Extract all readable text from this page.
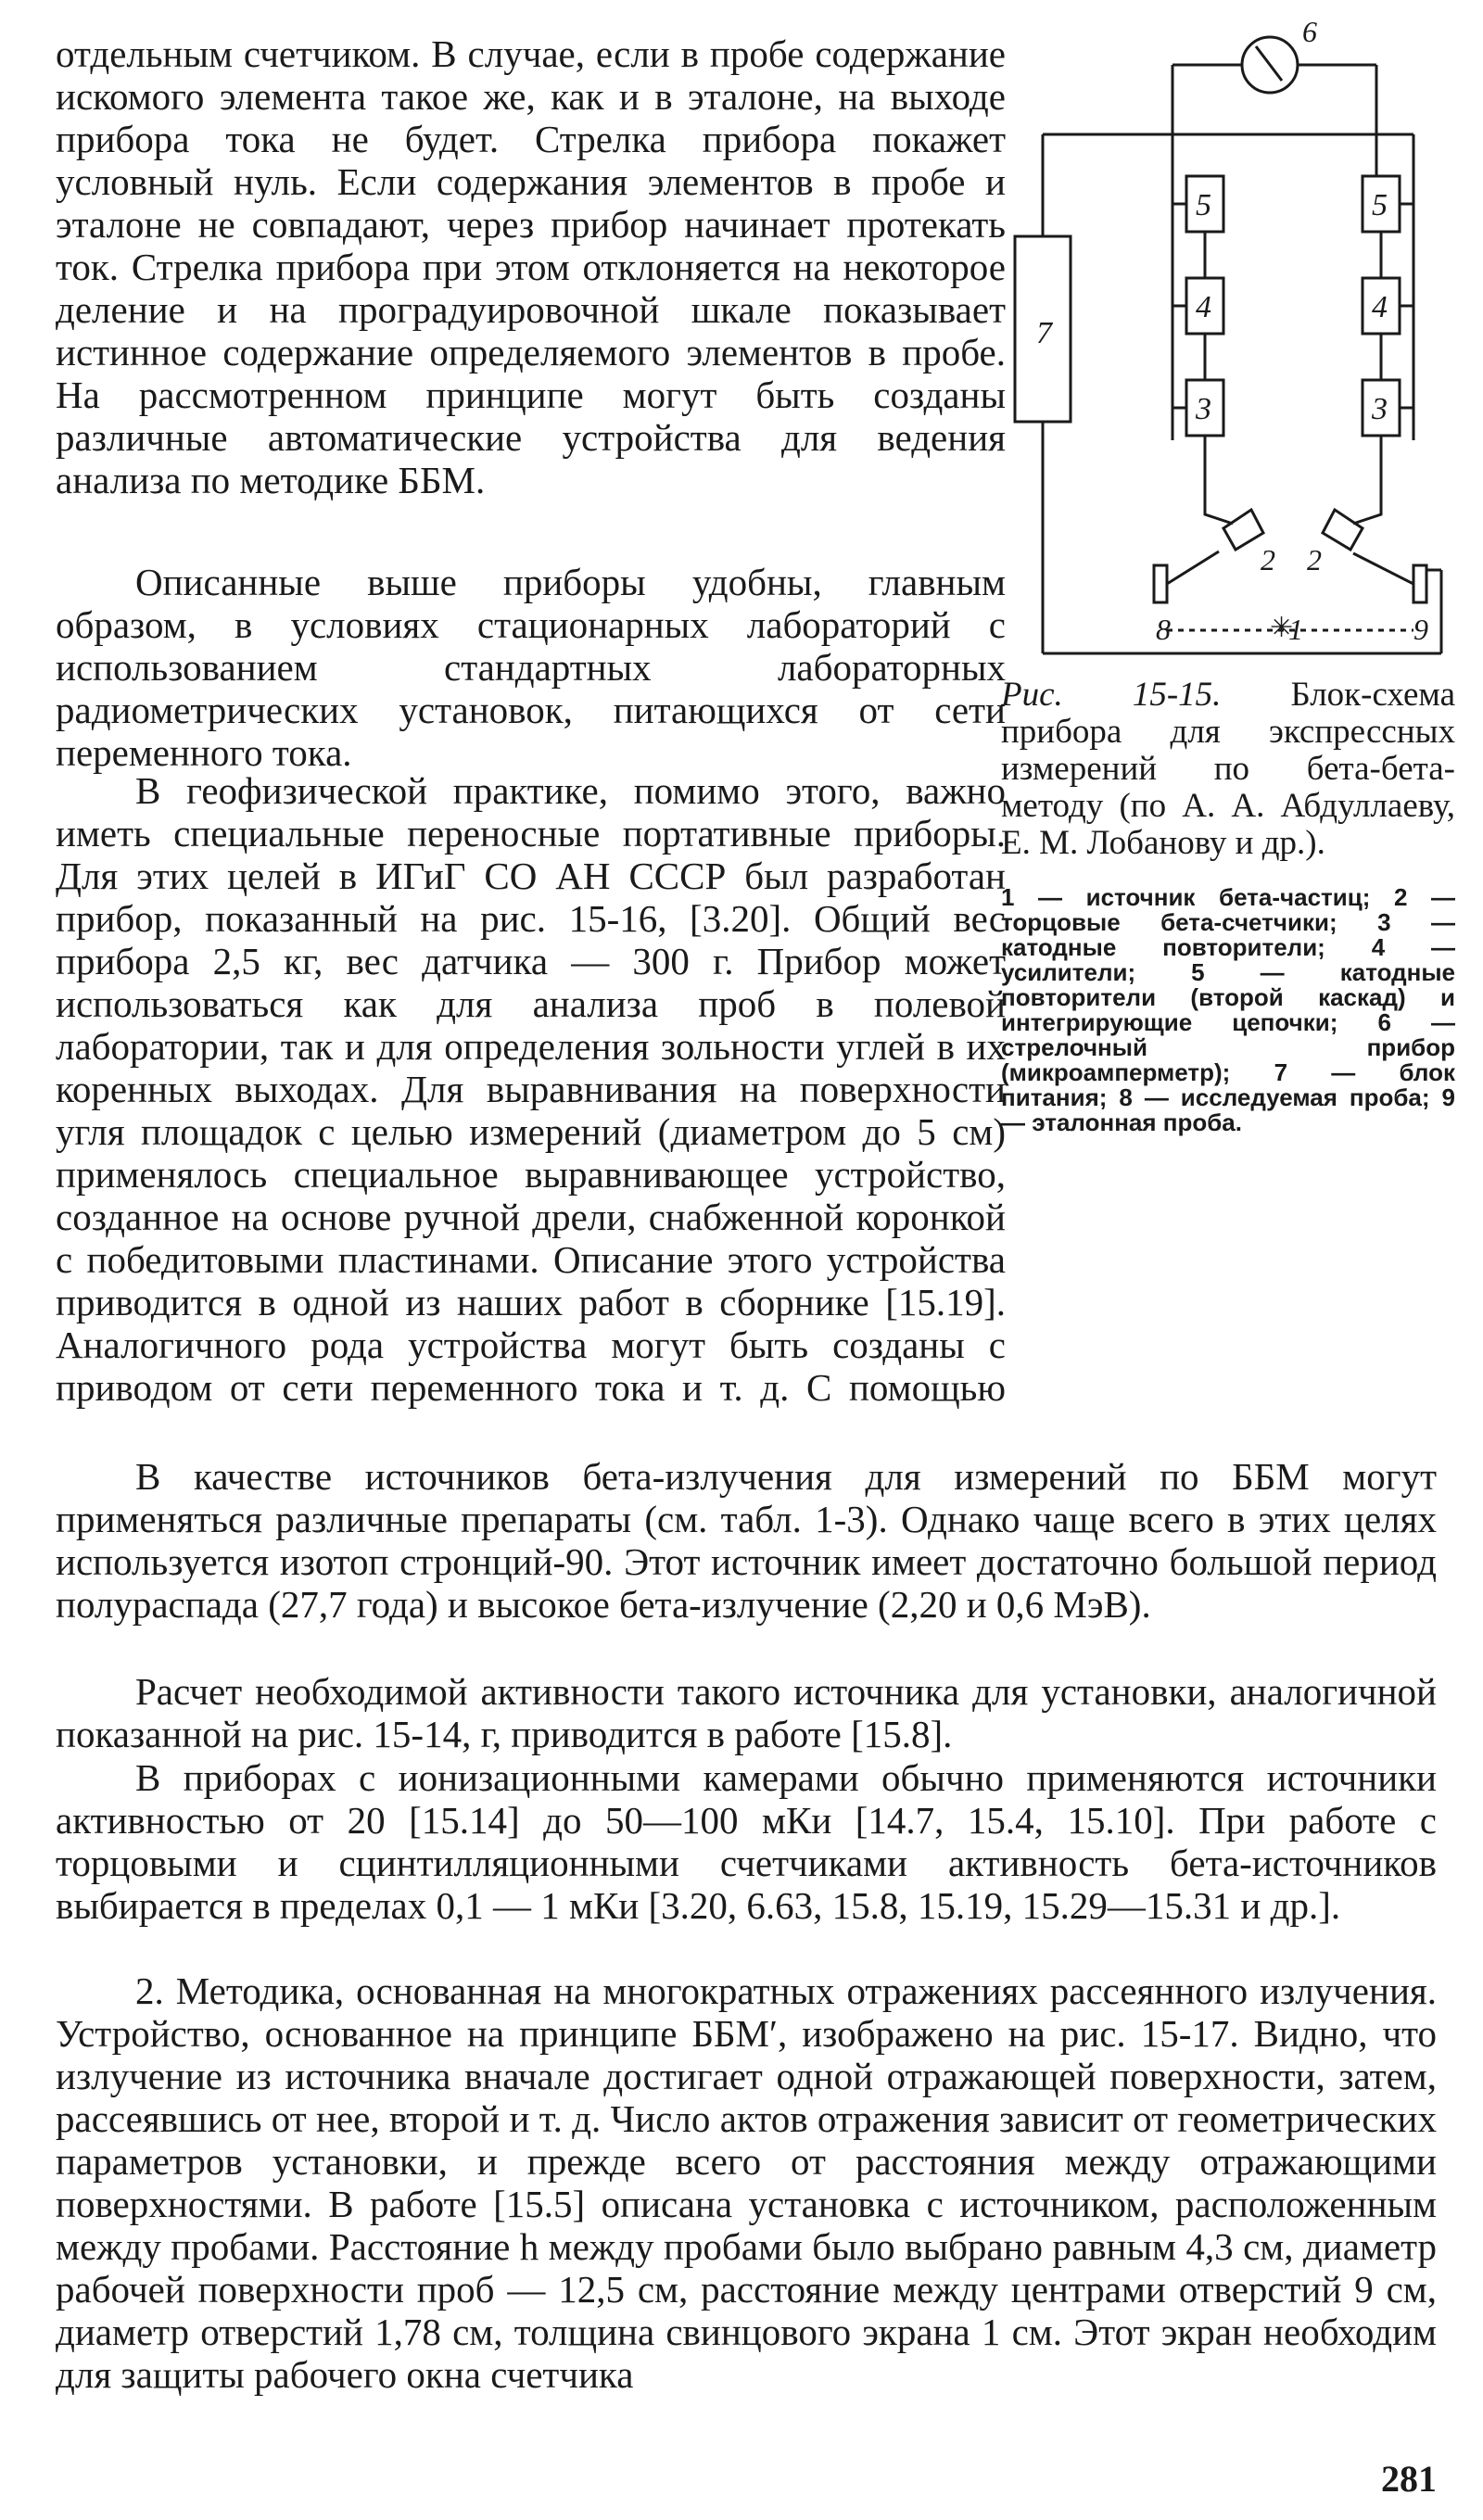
отдельным счетчиком. В случае, если в пробе содержание искомого элемента такое же, как и в эталоне, на выходе прибора тока не будет. Стрелка прибора покажет условный нуль. Если содержания элементов в пробе и эталоне не совпадают, через прибор начинает протекать ток. Стрелка прибора при этом отклоняется на некоторое деление и на проградуировочной шкале показывает истинное содержание определяемого элементов в пробе. На рассмотренном принципе могут быть созданы различные автоматические устройства для ведения анализа по методике ББМ.

Описанные выше приборы удобны, главным образом, в условиях стационарных лабораторий с использованием стандартных лабораторных радиометрических установок, питающихся от сети переменного тока.

В геофизической практике, помимо этого, важно иметь специальные переносные портативные приборы. Для этих целей в ИГиГ СО АН СССР был разработан прибор, показанный на рис. 15-16, [3.20]. Общий вес прибора 2,5 кг, вес датчика — 300 г. Прибор может использоваться как для анализа проб в полевой лаборатории, так и для определения зольности углей в их коренных выходах. Для выравнивания на поверхности угля площадок с целью измерений (диаметром до 5 см) применялось специальное выравнивающее устройство, созданное на основе ручной дрели, снабженной коронкой с победитовыми пластинами. Описание этого устройства приводится в одной из наших работ в сборнике [15.19]. Аналогичного рода устройства могут быть созданы с приводом от сети переменного тока и т. д. С помощью

В качестве источников бета-излучения для измерений по ББМ могут применяться различные препараты (см. табл. 1-3). Однако чаще всего в этих целях используется изотоп стронций-90. Этот источник имеет достаточно большой период полураспада (27,7 года) и высокое бета-излучение (2,20 и 0,6 МэВ).

Расчет необходимой активности такого источника для установки, аналогичной показанной на рис. 15-14, г, приводится в работе [15.8].

В приборах с ионизационными камерами обычно применяются источники активностью от 20 [15.14] до 50—100 мКи [14.7, 15.4, 15.10]. При работе с торцовыми и сцинтилляционными счетчиками активность бета-источников выбирается в пределах 0,1 — 1 мКи [3.20, 6.63, 15.8, 15.19, 15.29—15.31 и др.].

2. Методика, основанная на многократных отражениях рассеянного излучения. Устройство, основанное на принципе ББМ′, изображено на рис. 15-17. Видно, что излучение из источника вначале достигает одной отражающей поверхности, затем, рассеявшись от нее, второй и т. д. Число актов отражения зависит от геометрических параметров установки, и прежде всего от расстояния между отражающими поверхностями. В работе [15.5] описана установка с источником, расположенным между пробами. Расстояние h между пробами было выбрано равным 4,3 см, диаметр рабочей поверхности проб — 12,5 см, расстояние между центрами отверстий 9 см, диаметр отверстий 1,78 см, толщина свинцового экрана 1 см. Этот экран необходим для защиты рабочего окна счетчика

7
5
4
3
5
4
3
6
2 2
1
8	9
✳

Рис. 15-15. Блок-схема прибора для экспрессных измерений по бета-бета-методу (по А. А. Абдуллаеву, Е. М. Лобанову и др.).

1 — источник бета-частиц; 2 — торцовые бета-счетчики; 3 — катодные повторители; 4 — усилители; 5 — катодные повторители (второй каскад) и интегрирующие цепочки; 6 — стрелочный прибор (микроамперметр); 7 — блок питания; 8 — исследуемая проба; 9 — эталонная проба.

281
